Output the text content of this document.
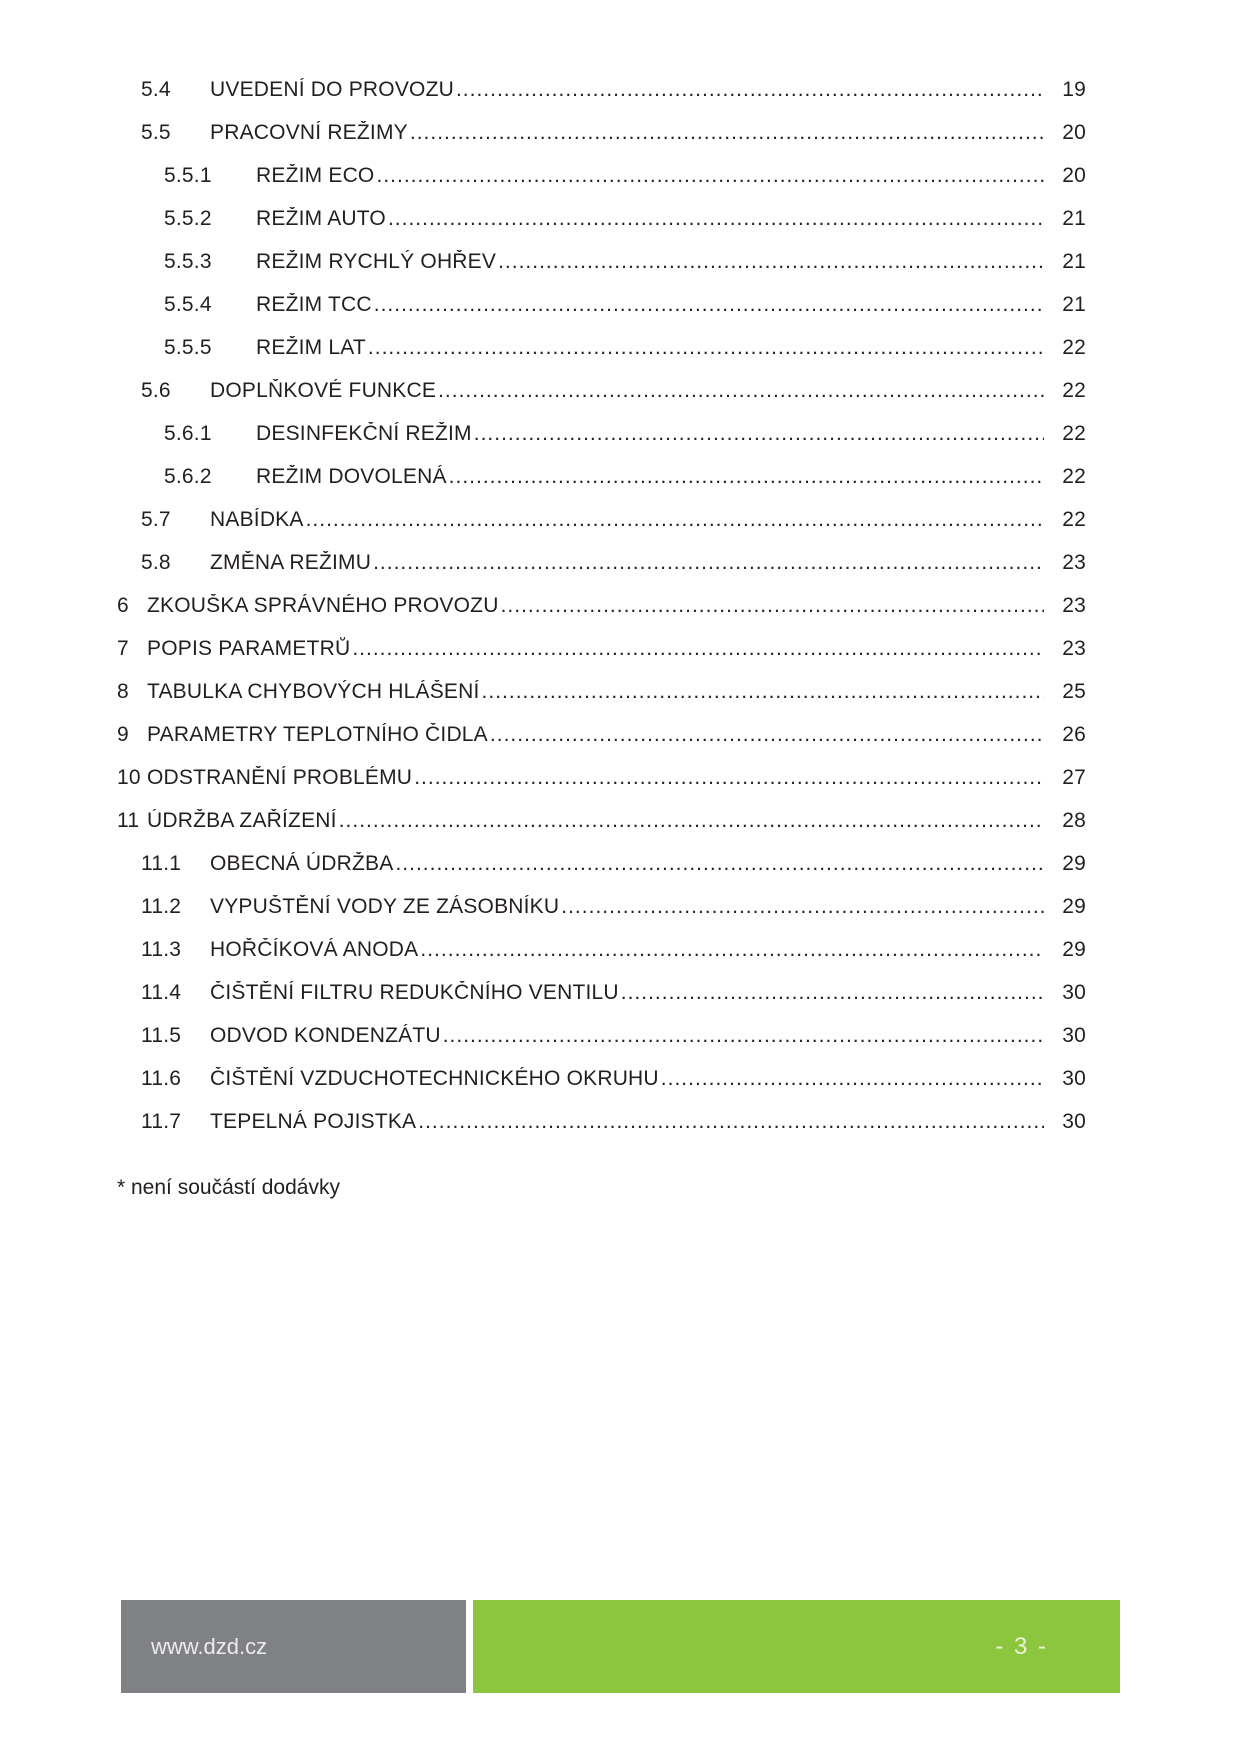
5.4 UVEDENÍ DO PROVOZU .....	19
5.5 PRACOVNÍ REŽIMY .....	20
5.5.1 REŽIM ECO .....	20
5.5.2 REŽIM AUTO .....	21
5.5.3 REŽIM RYCHLÝ OHŘEV .....	21
5.5.4 REŽIM TCC .....	21
5.5.5 REŽIM LAT .....	22
5.6 DOPLŇKOVÉ FUNKCE .....	22
5.6.1 DESINFEKČNÍ REŽIM .....	22
5.6.2 REŽIM DOVOLENÁ .....	22
5.7 NABÍDKA .....	22
5.8 ZMĚNA REŽIMU .....	23
6 ZKOUŠKA SPRÁVNÉHO PROVOZU .....	23
7 POPIS PARAMETRŮ .....	23
8 TABULKA CHYBOVÝCH HLÁŠENÍ .....	25
9 PARAMETRY TEPLOTNÍHO ČIDLA .....	26
10 ODSTRANĚNÍ PROBLÉMU .....	27
11 ÚDRŽBA ZAŘÍZENÍ .....	28
11.1 OBECNÁ ÚDRŽBA .....	29
11.2 VYPUŠTĚNÍ VODY ZE ZÁSOBNÍKU .....	29
11.3 HOŘČÍKOVÁ ANODA .....	29
11.4 ČIŠTĚNÍ FILTRU REDUKČNÍHO VENTILU .....	30
11.5 ODVOD KONDENZÁTU .....	30
11.6 ČIŠTĚNÍ VZDUCHOTECHNICKÉHO OKRUHU .....	30
11.7 TEPELNÁ POJISTKA .....	30
* není součástí dodávky
www.dzd.cz	- 3 -
